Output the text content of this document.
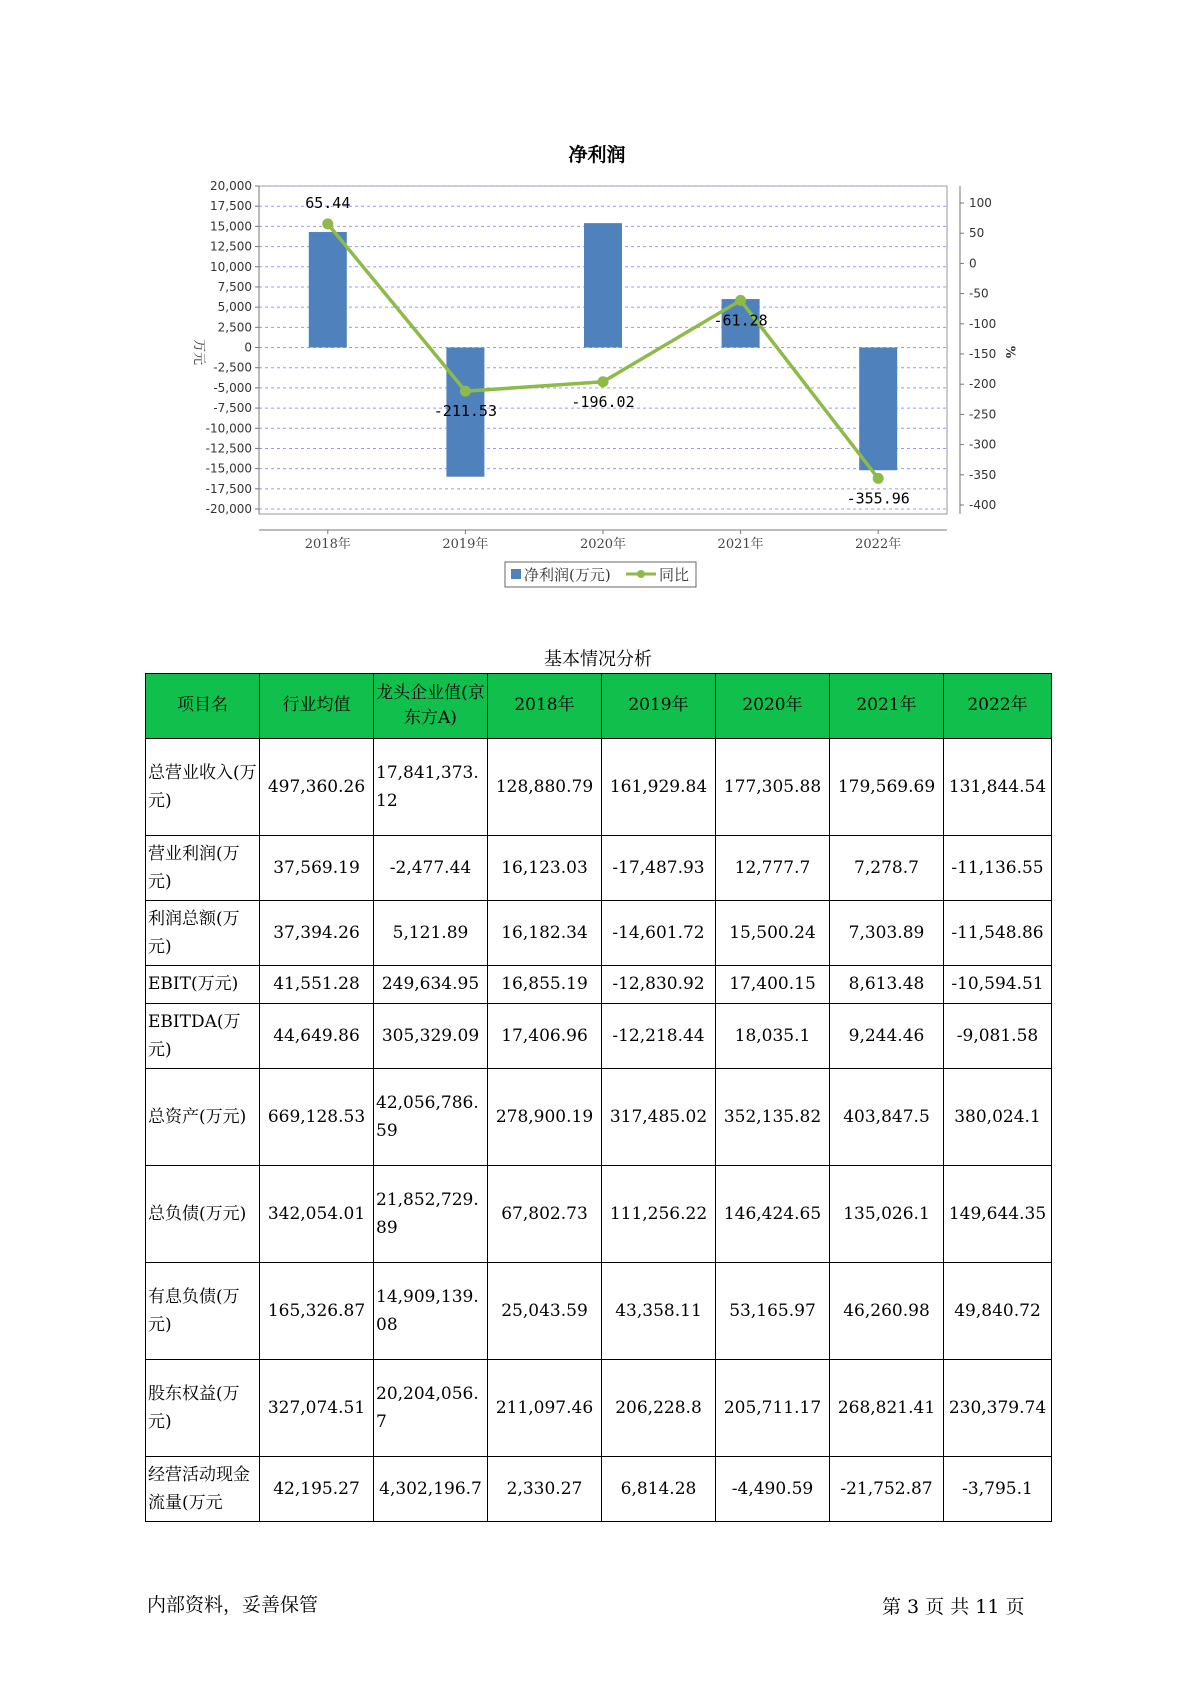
净利润
20,000
17,500
15,000
12,500
10,000
7,500
5,000
2,500
0
-2,500
-5,000
-7,500
-10,000
-12,500
-15,000
-17,500
-20,000
100
50
0
-50
-100
-150
-200
-250
-300
-350
-400
65.44
-211.53
-196.02
-61.28
-355.96
2018年	2019年	2020年	2021年	2022年
万元	%
净利润(万元)	同比
基本情况分析
项目名	行业均值	龙头企业值(京东方A)	2018年	2019年	2020年	2021年	2022年
总营业收入(万元)	497,360.26	17,841,373.12	128,880.79	161,929.84	177,305.88	179,569.69	131,844.54
营业利润(万元)	37,569.19	-2,477.44	16,123.03	-17,487.93	12,777.7	7,278.7	-11,136.55
利润总额(万元)	37,394.26	5,121.89	16,182.34	-14,601.72	15,500.24	7,303.89	-11,548.86
EBIT(万元)	41,551.28	249,634.95	16,855.19	-12,830.92	17,400.15	8,613.48	-10,594.51
EBITDA(万元)	44,649.86	305,329.09	17,406.96	-12,218.44	18,035.1	9,244.46	-9,081.58
总资产(万元)	669,128.53	42,056,786.59	278,900.19	317,485.02	352,135.82	403,847.5	380,024.1
总负债(万元)	342,054.01	21,852,729.89	67,802.73	111,256.22	146,424.65	135,026.1	149,644.35
有息负债(万元)	165,326.87	14,909,139.08	25,043.59	43,358.11	53,165.97	46,260.98	49,840.72
股东权益(万元)	327,074.51	20,204,056.7	211,097.46	206,228.8	205,711.17	268,821.41	230,379.74
经营活动现金流量(万元	42,195.27	4,302,196.7	2,330.27	6,814.28	-4,490.59	-21,752.87	-3,795.1
内部资料，妥善保管	第 3 页 共 11 页
